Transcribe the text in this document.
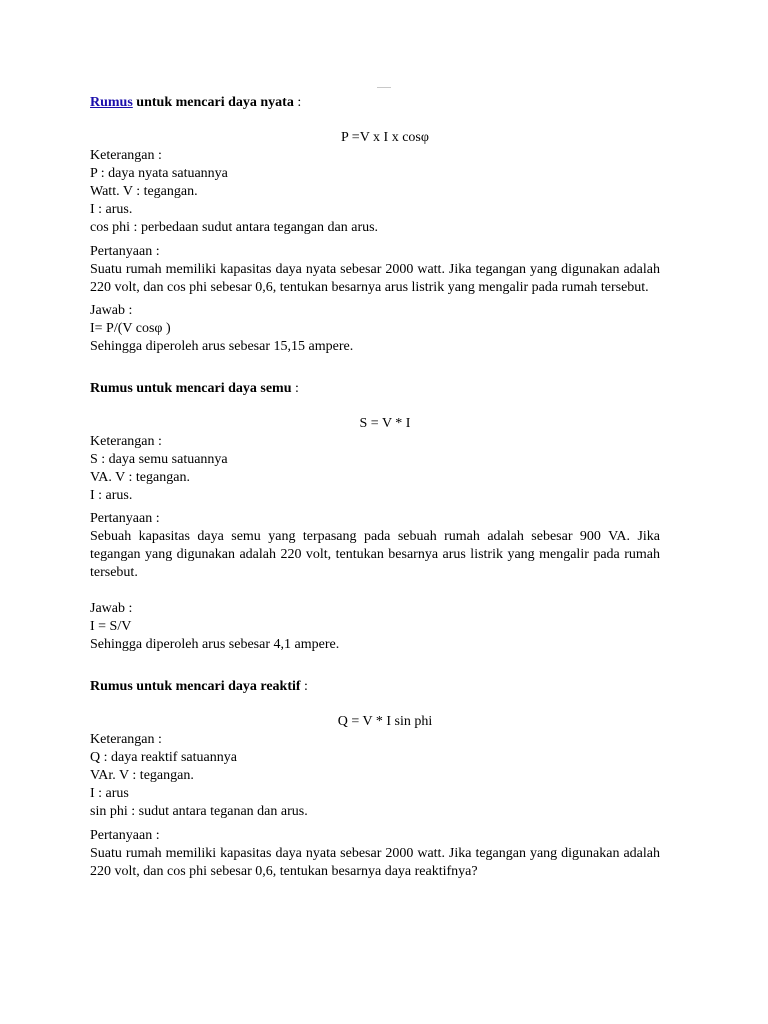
Rumus untuk mencari daya nyata :

P =V x I x cosφ

Keterangan :

P : daya nyata satuannya

Watt. V : tegangan.

I : arus.

cos phi : perbedaan sudut antara tegangan dan arus.

Pertanyaan :

Suatu rumah memiliki kapasitas daya nyata sebesar 2000 watt. Jika tegangan yang digunakan adalah 220 volt, dan cos phi sebesar 0,6, tentukan besarnya arus listrik yang mengalir pada rumah tersebut.

Jawab :

I= P/(V cosφ )

Sehingga diperoleh arus sebesar 15,15 ampere.

Rumus untuk mencari daya semu :

S = V * I

Keterangan :

S : daya semu satuannya

VA. V : tegangan.

I : arus.

Pertanyaan :

Sebuah kapasitas daya semu yang terpasang pada sebuah rumah adalah sebesar 900 VA. Jika tegangan yang digunakan adalah 220 volt, tentukan besarnya arus listrik yang mengalir pada rumah tersebut.

Jawab :

I = S/V

Sehingga diperoleh arus sebesar 4,1 ampere.

Rumus untuk mencari daya reaktif :

Q = V * I sin phi

Keterangan :

Q : daya reaktif satuannya

VAr. V : tegangan.

I : arus

sin phi : sudut antara teganan dan arus.

Pertanyaan :

Suatu rumah memiliki kapasitas daya nyata sebesar 2000 watt. Jika tegangan yang digunakan adalah 220 volt, dan cos phi sebesar 0,6, tentukan besarnya daya reaktifnya?
